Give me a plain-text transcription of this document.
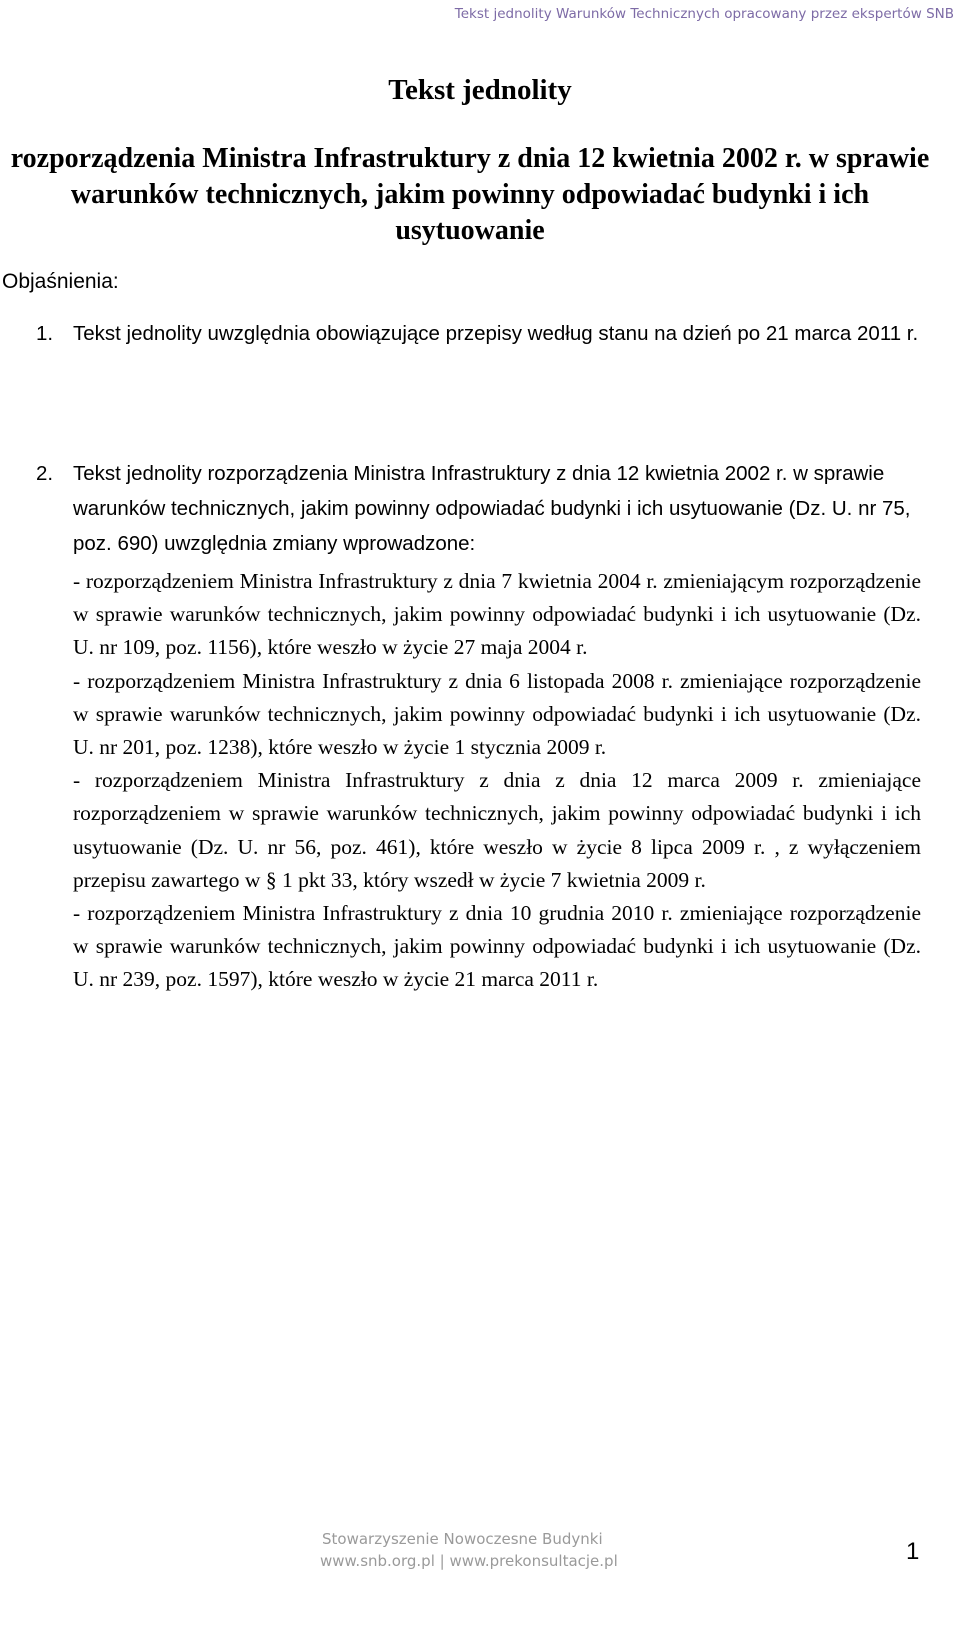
Tekst jednolity Warunków Technicznych opracowany przez ekspertów SNB
Tekst jednolity
rozporządzenia Ministra Infrastruktury z dnia 12 kwietnia 2002 r. w sprawie warunków technicznych, jakim powinny odpowiadać budynki i ich usytuowanie

Objaśnienia:

1. Tekst jednolity uwzględnia obowiązujące przepisy według stanu na dzień po 21 marca 2011 r.
2. Tekst jednolity rozporządzenia Ministra Infrastruktury z dnia 12 kwietnia 2002 r. w sprawie warunków technicznych, jakim powinny odpowiadać budynki i ich usytuowanie (Dz. U. nr 75, poz. 690) uwzględnia zmiany wprowadzone:

- rozporządzeniem Ministra Infrastruktury z dnia 7 kwietnia 2004 r. zmieniającym rozporządzenie w sprawie warunków technicznych, jakim powinny odpowiadać budynki i ich usytuowanie (Dz. U. nr 109, poz. 1156), które weszło w życie 27 maja 2004 r.

- rozporządzeniem Ministra Infrastruktury z dnia 6 listopada 2008 r. zmieniające rozporządzenie w sprawie warunków technicznych, jakim powinny odpowiadać budynki i ich usytuowanie (Dz. U. nr 201, poz. 1238), które weszło w życie 1 stycznia 2009 r.

- rozporządzeniem Ministra Infrastruktury z dnia z dnia 12 marca 2009 r. zmieniające rozporządzeniem w sprawie warunków technicznych, jakim powinny odpowiadać budynki i ich usytuowanie (Dz. U. nr 56, poz. 461), które weszło w życie 8 lipca 2009 r. , z wyłączeniem przepisu zawartego w § 1 pkt 33, który wszedł w życie 7 kwietnia 2009 r.

- rozporządzeniem Ministra Infrastruktury z dnia 10 grudnia 2010 r. zmieniające rozporządzenie w sprawie warunków technicznych, jakim powinny odpowiadać budynki i ich usytuowanie (Dz. U. nr 239, poz. 1597), które weszło w życie 21 marca 2011 r.

Stowarzyszenie Nowoczesne Budynki
www.snb.org.pl | www.prekonsultacje.pl	1
